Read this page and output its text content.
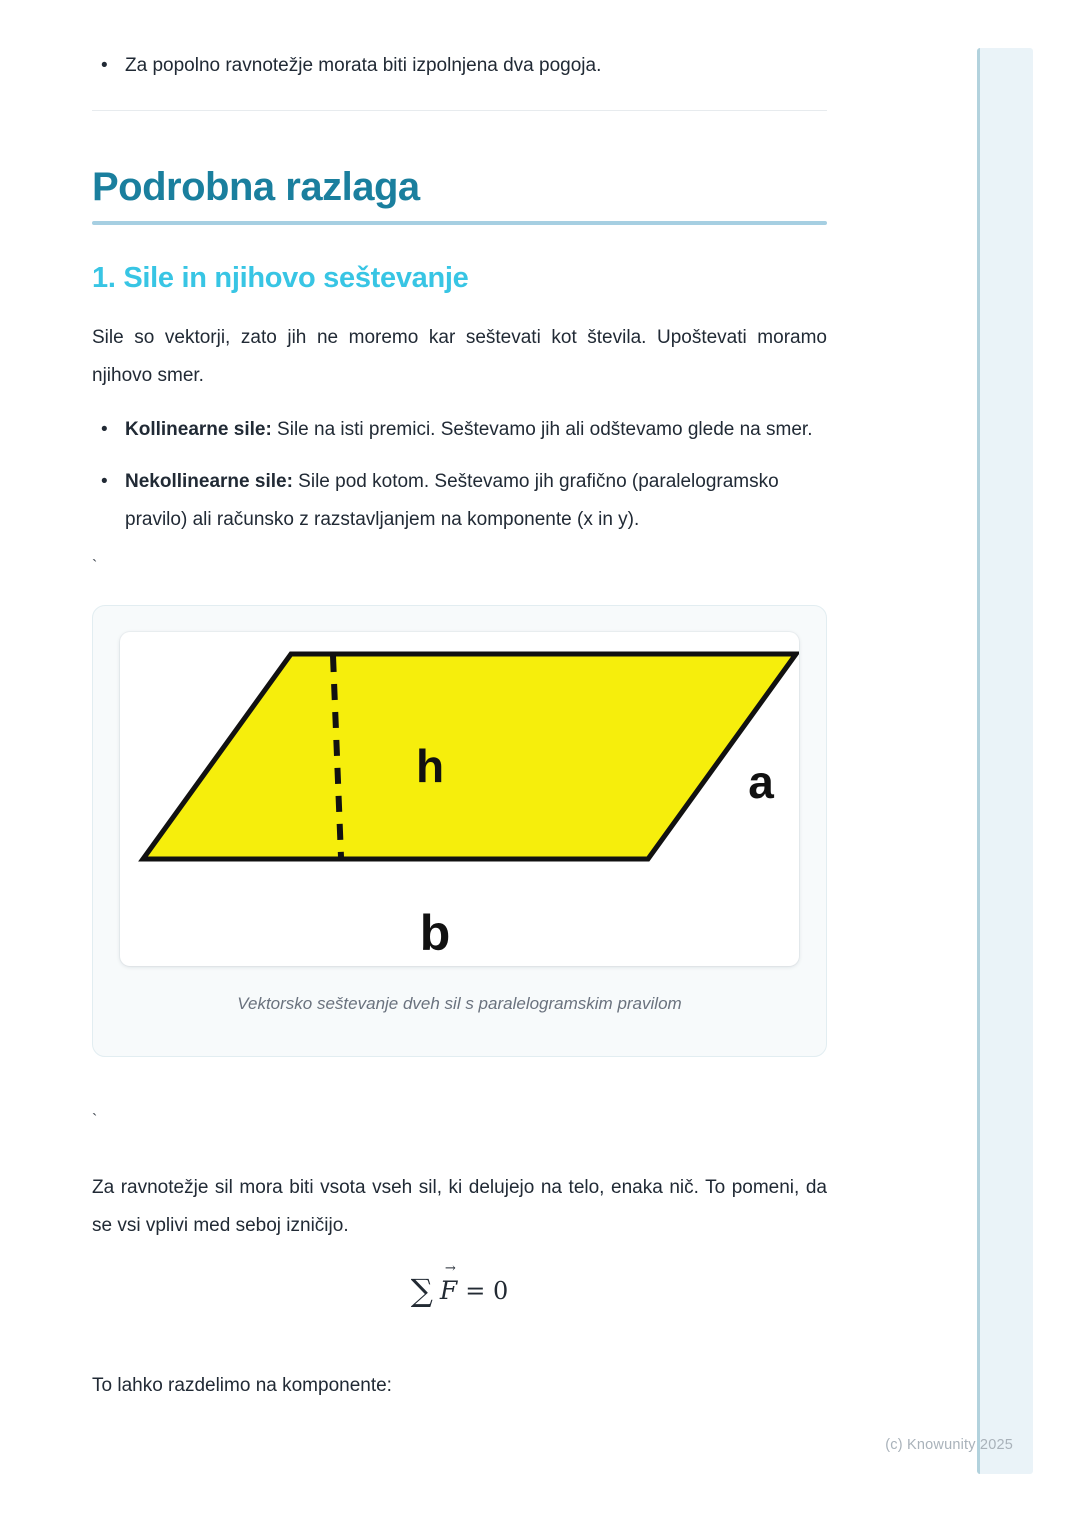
• Za popolno ravnotežje morata biti izpolnjena dva pogoja.
Podrobna razlaga
1. Sile in njihovo seštevanje

Sile so vektorji, zato jih ne moremo kar seštevati kot števila. Upoštevati moramo njihovo smer.

• Kollinearne sile: Sile na isti premici. Seštevamo jih ali odštevamo glede na smer.
• Nekollinearne sile: Sile pod kotom. Seštevamo jih grafično (paralelogramsko pravilo) ali računsko z razstavljanjem na komponente (x in y).
`
h	a
b
Vektorsko seštevanje dveh sil s paralelogramskim pravilom
`

Za ravnotežje sil mora biti vsota vseh sil, ki delujejo na telo, enaka nič. To pomeni, da se vsi vplivi med seboj izničijo.

∑
→
F = 0

To lahko razdelimo na komponente:

(c) Knowunity 2025
